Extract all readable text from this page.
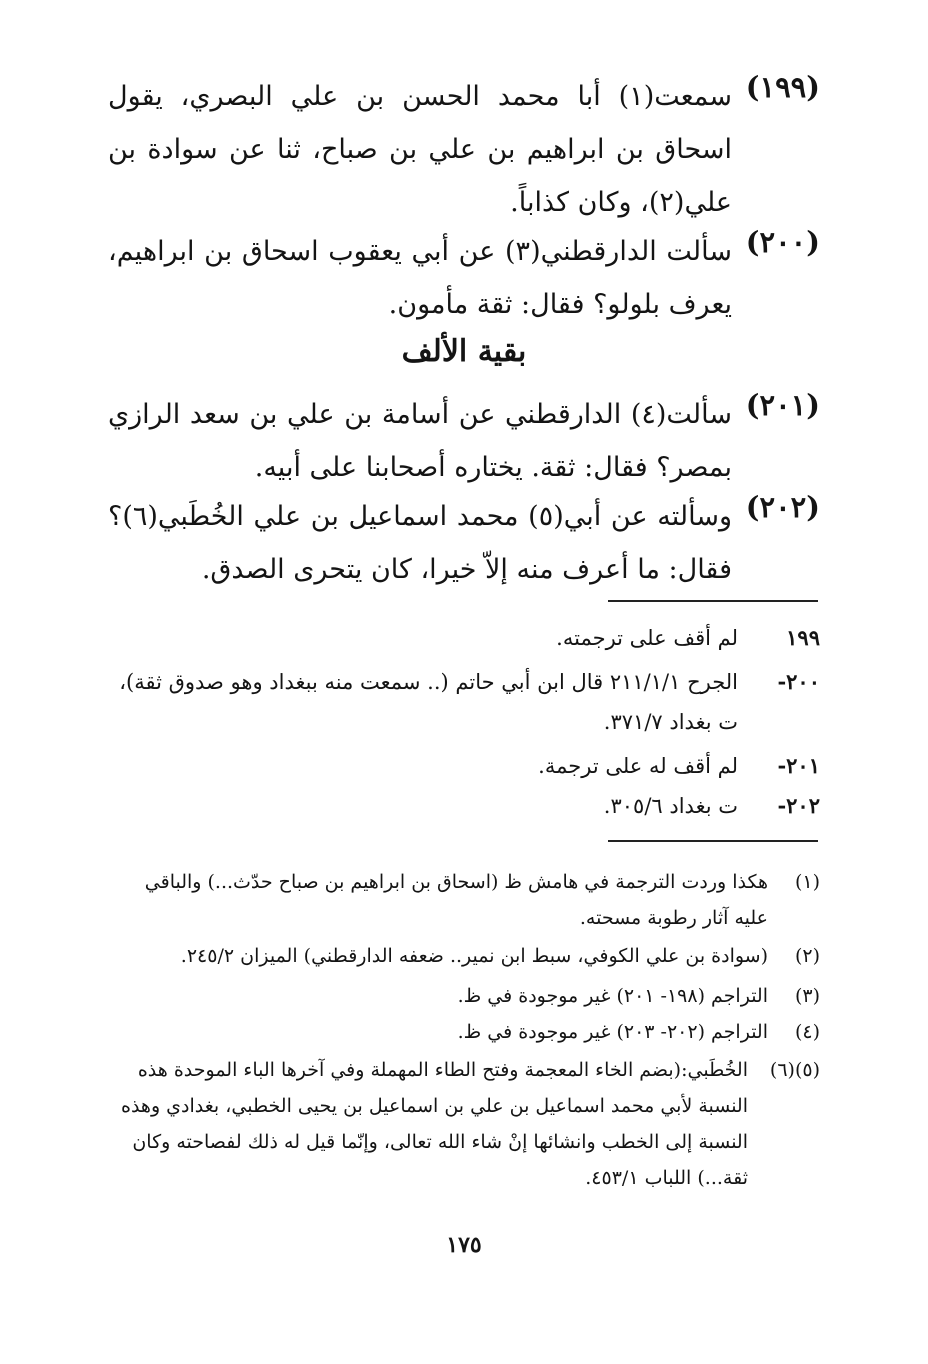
(١٩٩)
سمعت(١) أبا محمد الحسن بن علي البصري، يقول اسحاق بن ابراهيم بن علي بن صباح، ثنا عن سوادة بن علي(٢)، وكان كذاباً.
(٢٠٠)
سألت الدارقطني(٣) عن أبي يعقوب اسحاق بن ابراهيم، يعرف بلولو؟ فقال: ثقة مأمون.
بقية الألف
(٢٠١)
سألت(٤) الدارقطني عن أسامة بن علي بن سعد الرازي بمصر؟ فقال: ثقة. يختاره أصحابنا على أبيه.
(٢٠٢)
وسألته عن أبي(٥) محمد اسماعيل بن علي الخُطَبي(٦)؟ فقال: ما أعرف منه إلاّ خيرا، كان يتحرى الصدق.
١٩٩
لم أقف على ترجمته.
٢٠٠-
الجرح ٢١١/١/١ قال ابن أبي حاتم (.. سمعت منه ببغداد وهو صدوق ثقة)، ت بغداد ٣٧١/٧.
٢٠١-
لم أقف له على ترجمة.
٢٠٢-
ت بغداد ٣٠٥/٦.
(١)
هكذا وردت الترجمة في هامش ظ (اسحاق بن ابراهيم بن صباح حدّث...) والباقي عليه آثار رطوبة مسحته.
(٢)
(سوادة بن علي الكوفي، سبط ابن نمير.. ضعفه الدارقطني) الميزان ٢٤٥/٢.
(٣)
التراجم (١٩٨- ٢٠١) غير موجودة في ظ.
(٤)
التراجم (٢٠٢- ٢٠٣) غير موجودة في ظ.
(٥)(٦)
الخُطَبي:(بضم الخاء المعجمة وفتح الطاء المهملة وفي آخرها الباء الموحدة هذه النسبة لأبي محمد اسماعيل بن علي بن اسماعيل بن يحيى الخطبي، بغدادي وهذه النسبة إلى الخطب وانشائها إنْ شاء الله تعالى، وإنّما قيل له ذلك لفصاحته وكان ثقة...) اللباب ٤٥٣/١.
١٧٥
